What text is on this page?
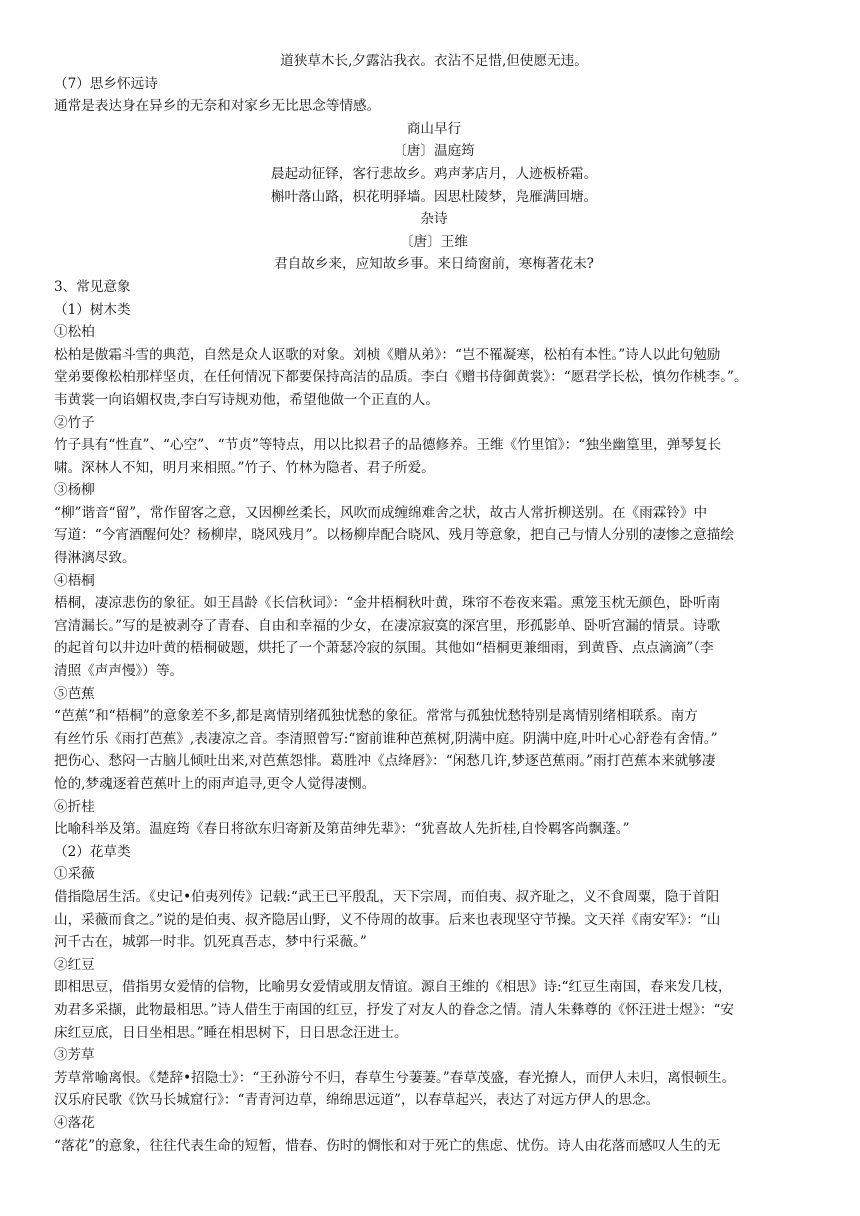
道狭草木长,夕露沾我衣。衣沾不足惜,但使愿无违。
（7）思乡怀远诗
通常是表达身在异乡的无奈和对家乡无比思念等情感。
商山早行
〔唐〕温庭筠
晨起动征铎，客行悲故乡。鸡声茅店月，人迹板桥霜。
槲叶落山路，枳花明驿墙。因思杜陵梦，凫雁满回塘。
杂诗
〔唐〕王维
君自故乡来，应知故乡事。来日绮窗前，寒梅著花未?
3、常见意象
（1）树木类
①松柏
松柏是傲霜斗雪的典范，自然是众人讴歌的对象。刘桢《赠从弟》：“岂不罹凝寒，松柏有本性。”诗人以此句勉励
堂弟要像松柏那样坚贞，在任何情况下都要保持高洁的品质。李白《赠书侍御黄裳》：“愿君学长松，慎勿作桃李。”。
韦黄裳一向谄媚权贵,李白写诗规劝他，希望他做一个正直的人。
②竹子
竹子具有“性直”、“心空”、“节贞”等特点，用以比拟君子的品德修养。王维《竹里馆》：“独坐幽篁里，弹琴复长
啸。深林人不知，明月来相照。”竹子、竹林为隐者、君子所爱。
③杨柳
“柳”谐音“留”，常作留客之意，又因柳丝柔长，风吹而成缠绵难舍之状，故古人常折柳送别。在《雨霖铃》中
写道：“今宵酒醒何处？杨柳岸，晓风残月”。以杨柳岸配合晓风、残月等意象，把自己与情人分别的凄惨之意描绘
得淋漓尽致。
④梧桐
梧桐，凄凉悲伤的象征。如王昌龄《长信秋词》：“金井梧桐秋叶黄，珠帘不卷夜来霜。熏笼玉枕无颜色，卧听南
宫清漏长。”写的是被剥夺了青春、自由和幸福的少女，在凄凉寂寞的深宫里，形孤影单、卧听宫漏的情景。诗歌
的起首句以井边叶黄的梧桐破题，烘托了一个萧瑟冷寂的氛围。其他如“梧桐更兼细雨，到黄昏、点点滴滴”（李
清照《声声慢》）等。
⑤芭蕉
“芭蕉”和“梧桐”的意象差不多,都是离情别绪孤独忧愁的象征。常常与孤独忧愁特别是离情别绪相联系。南方
有丝竹乐《雨打芭蕉》,表凄凉之音。李清照曾写:“窗前谁种芭蕉树,阴满中庭。阴满中庭,叶叶心心舒卷有舍情。”
把伤心、愁闷一古脑儿倾吐出来,对芭蕉怨悱。葛胜冲《点绛唇》：“闲愁几许,梦逐芭蕉雨。”雨打芭蕉本来就够凄
怆的,梦魂逐着芭蕉叶上的雨声追寻,更令人觉得凄恻。
⑥折桂
比喻科举及第。温庭筠《春日将欲东归寄新及第苗绅先辈》：“犹喜故人先折桂,自怜羁客尚飘蓬。”
（2）花草类
①采薇
借指隐居生活。《史记•伯夷列传》记载:“武王已平殷乱，天下宗周，而伯夷、叔齐耻之，义不食周粟，隐于首阳
山，采薇而食之。”说的是伯夷、叔齐隐居山野，义不侍周的故事。后来也表现坚守节操。文天祥《南安军》：“山
河千古在，城郭一时非。饥死真吾志，梦中行采薇。”
②红豆
即相思豆，借指男女爱情的信物，比喻男女爱情或朋友情谊。源自王维的《相思》诗:“红豆生南国，春来发几枝，
劝君多采撷，此物最相思。”诗人借生于南国的红豆，抒发了对友人的眷念之情。清人朱彝尊的《怀汪进士煜》：“安
床红豆底，日日坐相思。”睡在相思树下，日日思念汪进士。
③芳草
芳草常喻离恨。《楚辞•招隐士》：“王孙游兮不归，春草生兮萋萋。”春草茂盛，春光撩人，而伊人未归，离恨顿生。
汉乐府民歌《饮马长城窟行》：“青青河边草，绵绵思远道”，以春草起兴，表达了对远方伊人的思念。
④落花
“落花”的意象，往往代表生命的短暂，惜春、伤时的惆怅和对于死亡的焦虑、忧伤。诗人由花落而感叹人生的无
